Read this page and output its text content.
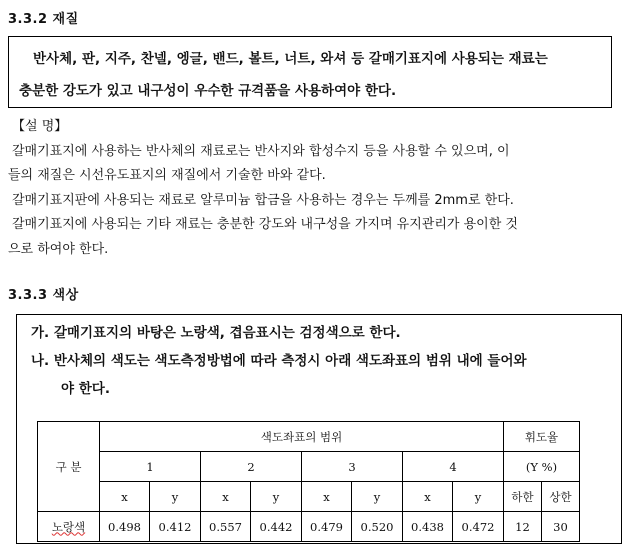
3.3.2 재질
반사체, 판, 지주, 찬넬, 엥글, 밴드, 볼트, 너트, 와셔 등 갈매기표지에 사용되는 재료는
충분한 강도가 있고 내구성이 우수한 규격품을 사용하여야 한다.

【설 명】

갈매기표지에 사용하는 반사체의 재료로는 반사지와 합성수지 등을 사용할 수 있으며, 이

들의 재질은 시선유도표지의 재질에서 기술한 바와 같다.

갈매기표지판에 사용되는 재료로 알루미늄 합금을 사용하는 경우는 두께를 2mm로 한다.

갈매기표지에 사용되는 기타 재료는 충분한 강도와 내구성을 가지며 유지관리가 용이한 것

으로 하여야 한다.

3.3.3 색상
가. 갈매기표지의 바탕은 노랑색, 겹음표시는 검정색으로 한다.
나. 반사체의 색도는 색도측정방법에 따라 측정시 아래 색도좌표의 범위 내에 들어와
야 한다.
구 분	색도좌표의 범위								휘도율	
	1		2		3		4		(Y %)	
	x	y	x	y	x	y	x	y	하한	상한
노랑색	0.498	0.412	0.557	0.442	0.479	0.520	0.438	0.472	12	30
